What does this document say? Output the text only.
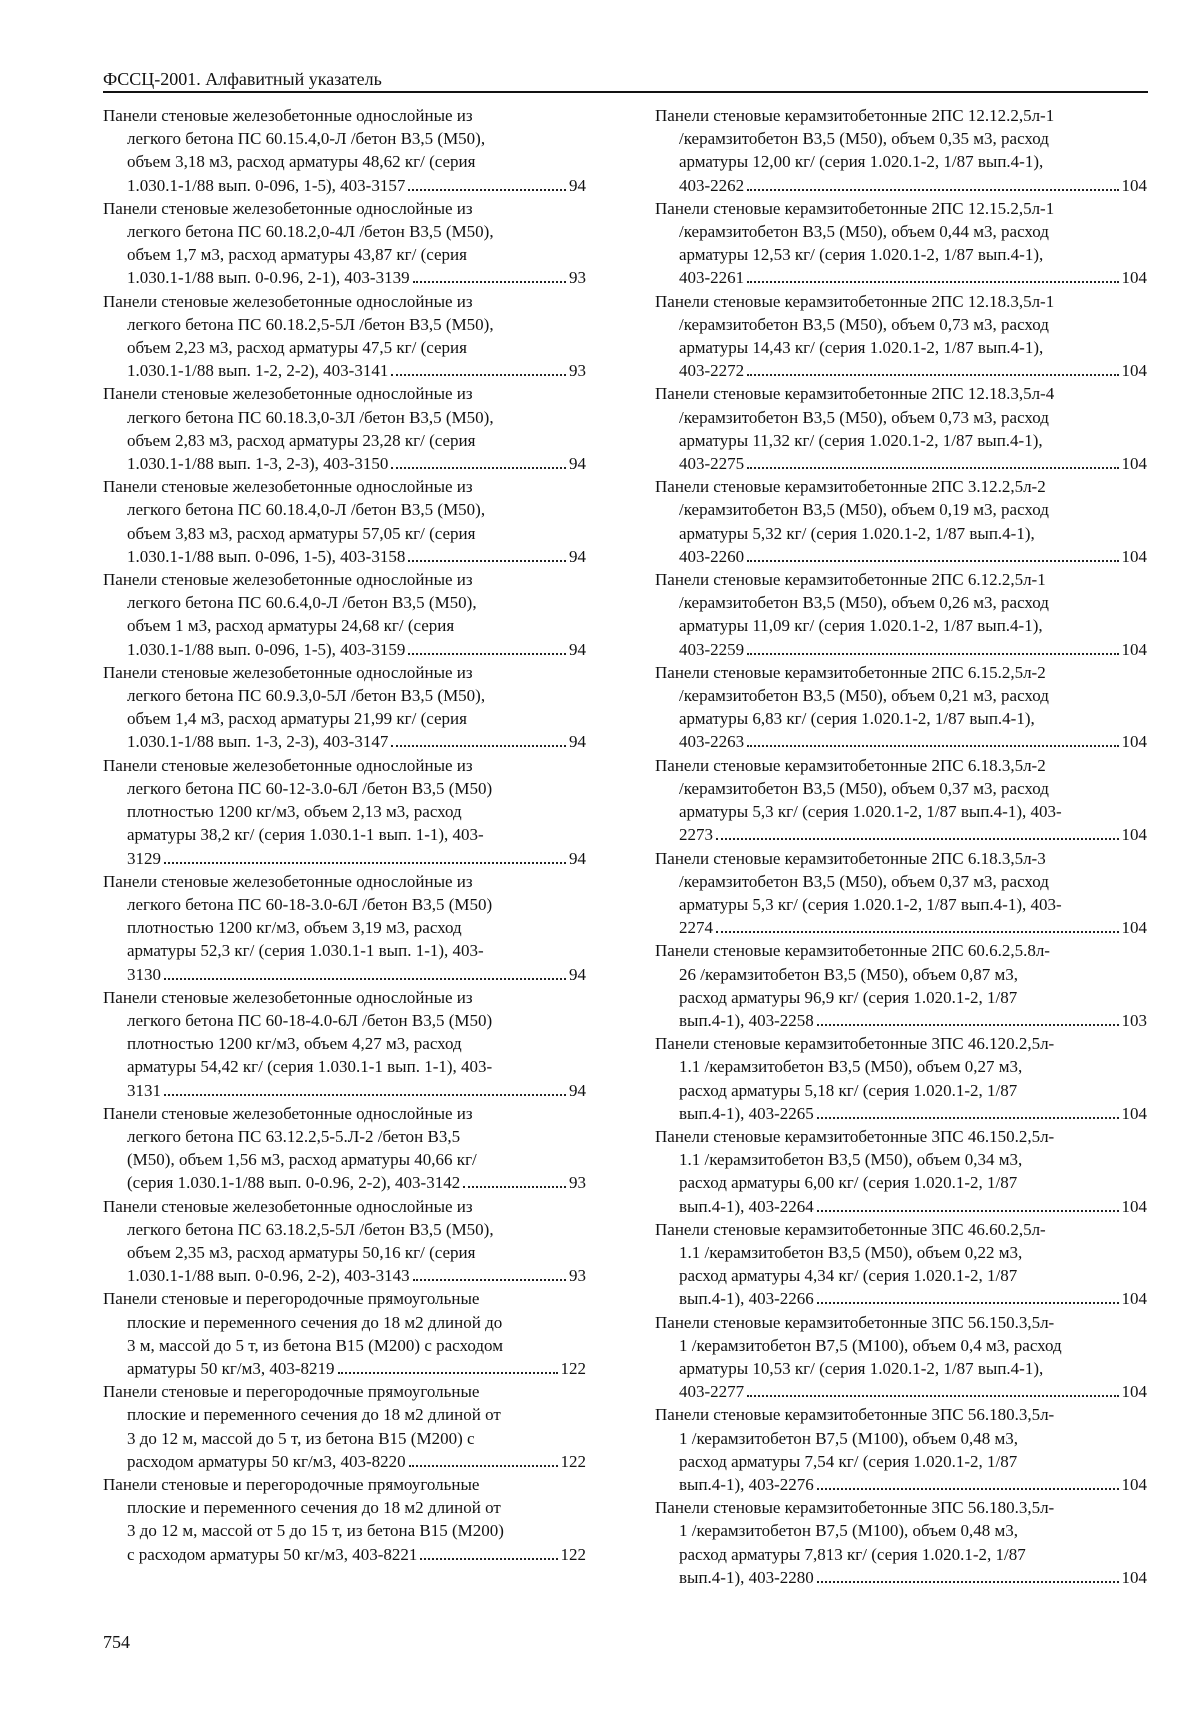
ФССЦ-2001. Алфавитный указатель
Панели стеновые железобетонные однослойные из
легкого бетона ПС 60.15.4,0-Л /бетон B3,5 (M50),
объем 3,18 м3, расход арматуры 48,62 кг/ (серия
1.030.1-1/88 вып. 0-096, 1-5), 403-3157	94
Панели стеновые железобетонные однослойные из
легкого бетона ПС 60.18.2,0-4Л /бетон B3,5 (M50),
объем 1,7 м3, расход арматуры 43,87 кг/ (серия
1.030.1-1/88 вып. 0-0.96, 2-1), 403-3139	93
Панели стеновые железобетонные однослойные из
легкого бетона ПС 60.18.2,5-5Л /бетон B3,5 (M50),
объем 2,23 м3, расход арматуры 47,5 кг/ (серия
1.030.1-1/88 вып. 1-2, 2-2), 403-3141	93
Панели стеновые железобетонные однослойные из
легкого бетона ПС 60.18.3,0-3Л /бетон B3,5 (M50),
объем 2,83 м3, расход арматуры 23,28 кг/ (серия
1.030.1-1/88 вып. 1-3, 2-3), 403-3150	94
Панели стеновые железобетонные однослойные из
легкого бетона ПС 60.18.4,0-Л /бетон B3,5 (M50),
объем 3,83 м3, расход арматуры 57,05 кг/ (серия
1.030.1-1/88 вып. 0-096, 1-5), 403-3158	94
Панели стеновые железобетонные однослойные из
легкого бетона ПС 60.6.4,0-Л /бетон B3,5 (M50),
объем 1 м3, расход арматуры 24,68 кг/ (серия
1.030.1-1/88 вып. 0-096, 1-5), 403-3159	94
Панели стеновые железобетонные однослойные из
легкого бетона ПС 60.9.3,0-5Л /бетон B3,5 (M50),
объем 1,4 м3, расход арматуры 21,99 кг/ (серия
1.030.1-1/88 вып. 1-3, 2-3), 403-3147	94
Панели стеновые железобетонные однослойные из
легкого бетона ПС 60-12-3.0-6Л /бетон B3,5 (M50)
плотностью 1200 кг/м3, объем 2,13 м3, расход
арматуры 38,2 кг/ (серия 1.030.1-1 вып. 1-1), 403-
3129	94
Панели стеновые железобетонные однослойные из
легкого бетона ПС 60-18-3.0-6Л /бетон B3,5 (M50)
плотностью 1200 кг/м3, объем 3,19 м3, расход
арматуры 52,3 кг/ (серия 1.030.1-1 вып. 1-1), 403-
3130	94
Панели стеновые железобетонные однослойные из
легкого бетона ПС 60-18-4.0-6Л /бетон B3,5 (M50)
плотностью 1200 кг/м3, объем 4,27 м3, расход
арматуры 54,42 кг/ (серия 1.030.1-1 вып. 1-1), 403-
3131	94
Панели стеновые железобетонные однослойные из
легкого бетона ПС 63.12.2,5-5.Л-2 /бетон B3,5
(M50), объем 1,56 м3, расход арматуры 40,66 кг/
(серия 1.030.1-1/88 вып. 0-0.96, 2-2), 403-3142	93
Панели стеновые железобетонные однослойные из
легкого бетона ПС 63.18.2,5-5Л /бетон B3,5 (M50),
объем 2,35 м3, расход арматуры 50,16 кг/ (серия
1.030.1-1/88 вып. 0-0.96, 2-2), 403-3143	93
Панели стеновые и перегородочные прямоугольные
плоские и переменного сечения до 18 м2 длиной до
3 м, массой до 5 т, из бетона B15 (M200) с расходом
арматуры 50 кг/м3, 403-8219	122
Панели стеновые и перегородочные прямоугольные
плоские и переменного сечения до 18 м2 длиной от
3 до 12 м, массой до 5 т, из бетона B15 (M200) с
расходом арматуры 50 кг/м3, 403-8220	122
Панели стеновые и перегородочные прямоугольные
плоские и переменного сечения до 18 м2 длиной от
3 до 12 м, массой от 5 до 15 т, из бетона B15 (M200)
с расходом арматуры 50 кг/м3, 403-8221	122
Панели стеновые керамзитобетонные 2ПС 12.12.2,5л-1
/керамзитобетон B3,5 (M50), объем 0,35 м3, расход
арматуры 12,00 кг/ (серия 1.020.1-2, 1/87 вып.4-1),
403-2262	104
Панели стеновые керамзитобетонные 2ПС 12.15.2,5л-1
/керамзитобетон B3,5 (M50), объем 0,44 м3, расход
арматуры 12,53 кг/ (серия 1.020.1-2, 1/87 вып.4-1),
403-2261	104
Панели стеновые керамзитобетонные 2ПС 12.18.3,5л-1
/керамзитобетон B3,5 (M50), объем 0,73 м3, расход
арматуры 14,43 кг/ (серия 1.020.1-2, 1/87 вып.4-1),
403-2272	104
Панели стеновые керамзитобетонные 2ПС 12.18.3,5л-4
/керамзитобетон B3,5 (M50), объем 0,73 м3, расход
арматуры 11,32 кг/ (серия 1.020.1-2, 1/87 вып.4-1),
403-2275	104
Панели стеновые керамзитобетонные 2ПС 3.12.2,5л-2
/керамзитобетон B3,5 (M50), объем 0,19 м3, расход
арматуры 5,32 кг/ (серия 1.020.1-2, 1/87 вып.4-1),
403-2260	104
Панели стеновые керамзитобетонные 2ПС 6.12.2,5л-1
/керамзитобетон B3,5 (M50), объем 0,26 м3, расход
арматуры 11,09 кг/ (серия 1.020.1-2, 1/87 вып.4-1),
403-2259	104
Панели стеновые керамзитобетонные 2ПС 6.15.2,5л-2
/керамзитобетон B3,5 (M50), объем 0,21 м3, расход
арматуры 6,83 кг/ (серия 1.020.1-2, 1/87 вып.4-1),
403-2263	104
Панели стеновые керамзитобетонные 2ПС 6.18.3,5л-2
/керамзитобетон B3,5 (M50), объем 0,37 м3, расход
арматуры 5,3 кг/ (серия 1.020.1-2, 1/87 вып.4-1), 403-
2273	104
Панели стеновые керамзитобетонные 2ПС 6.18.3,5л-3
/керамзитобетон B3,5 (M50), объем 0,37 м3, расход
арматуры 5,3 кг/ (серия 1.020.1-2, 1/87 вып.4-1), 403-
2274	104
Панели стеновые керамзитобетонные 2ПС 60.6.2,5.8л-
26 /керамзитобетон B3,5 (M50), объем 0,87 м3,
расход арматуры 96,9 кг/ (серия 1.020.1-2, 1/87
вып.4-1), 403-2258	103
Панели стеновые керамзитобетонные 3ПС 46.120.2,5л-
1.1 /керамзитобетон B3,5 (M50), объем 0,27 м3,
расход арматуры 5,18 кг/ (серия 1.020.1-2, 1/87
вып.4-1), 403-2265	104
Панели стеновые керамзитобетонные 3ПС 46.150.2,5л-
1.1 /керамзитобетон B3,5 (M50), объем 0,34 м3,
расход арматуры 6,00 кг/ (серия 1.020.1-2, 1/87
вып.4-1), 403-2264	104
Панели стеновые керамзитобетонные 3ПС 46.60.2,5л-
1.1 /керамзитобетон B3,5 (M50), объем 0,22 м3,
расход арматуры 4,34 кг/ (серия 1.020.1-2, 1/87
вып.4-1), 403-2266	104
Панели стеновые керамзитобетонные 3ПС 56.150.3,5л-
1 /керамзитобетон B7,5 (M100), объем 0,4 м3, расход
арматуры 10,53 кг/ (серия 1.020.1-2, 1/87 вып.4-1),
403-2277	104
Панели стеновые керамзитобетонные 3ПС 56.180.3,5л-
1 /керамзитобетон B7,5 (M100), объем 0,48 м3,
расход арматуры 7,54 кг/ (серия 1.020.1-2, 1/87
вып.4-1), 403-2276	104
Панели стеновые керамзитобетонные 3ПС 56.180.3,5л-
1 /керамзитобетон B7,5 (M100), объем 0,48 м3,
расход арматуры 7,813 кг/ (серия 1.020.1-2, 1/87
вып.4-1), 403-2280	104
754
